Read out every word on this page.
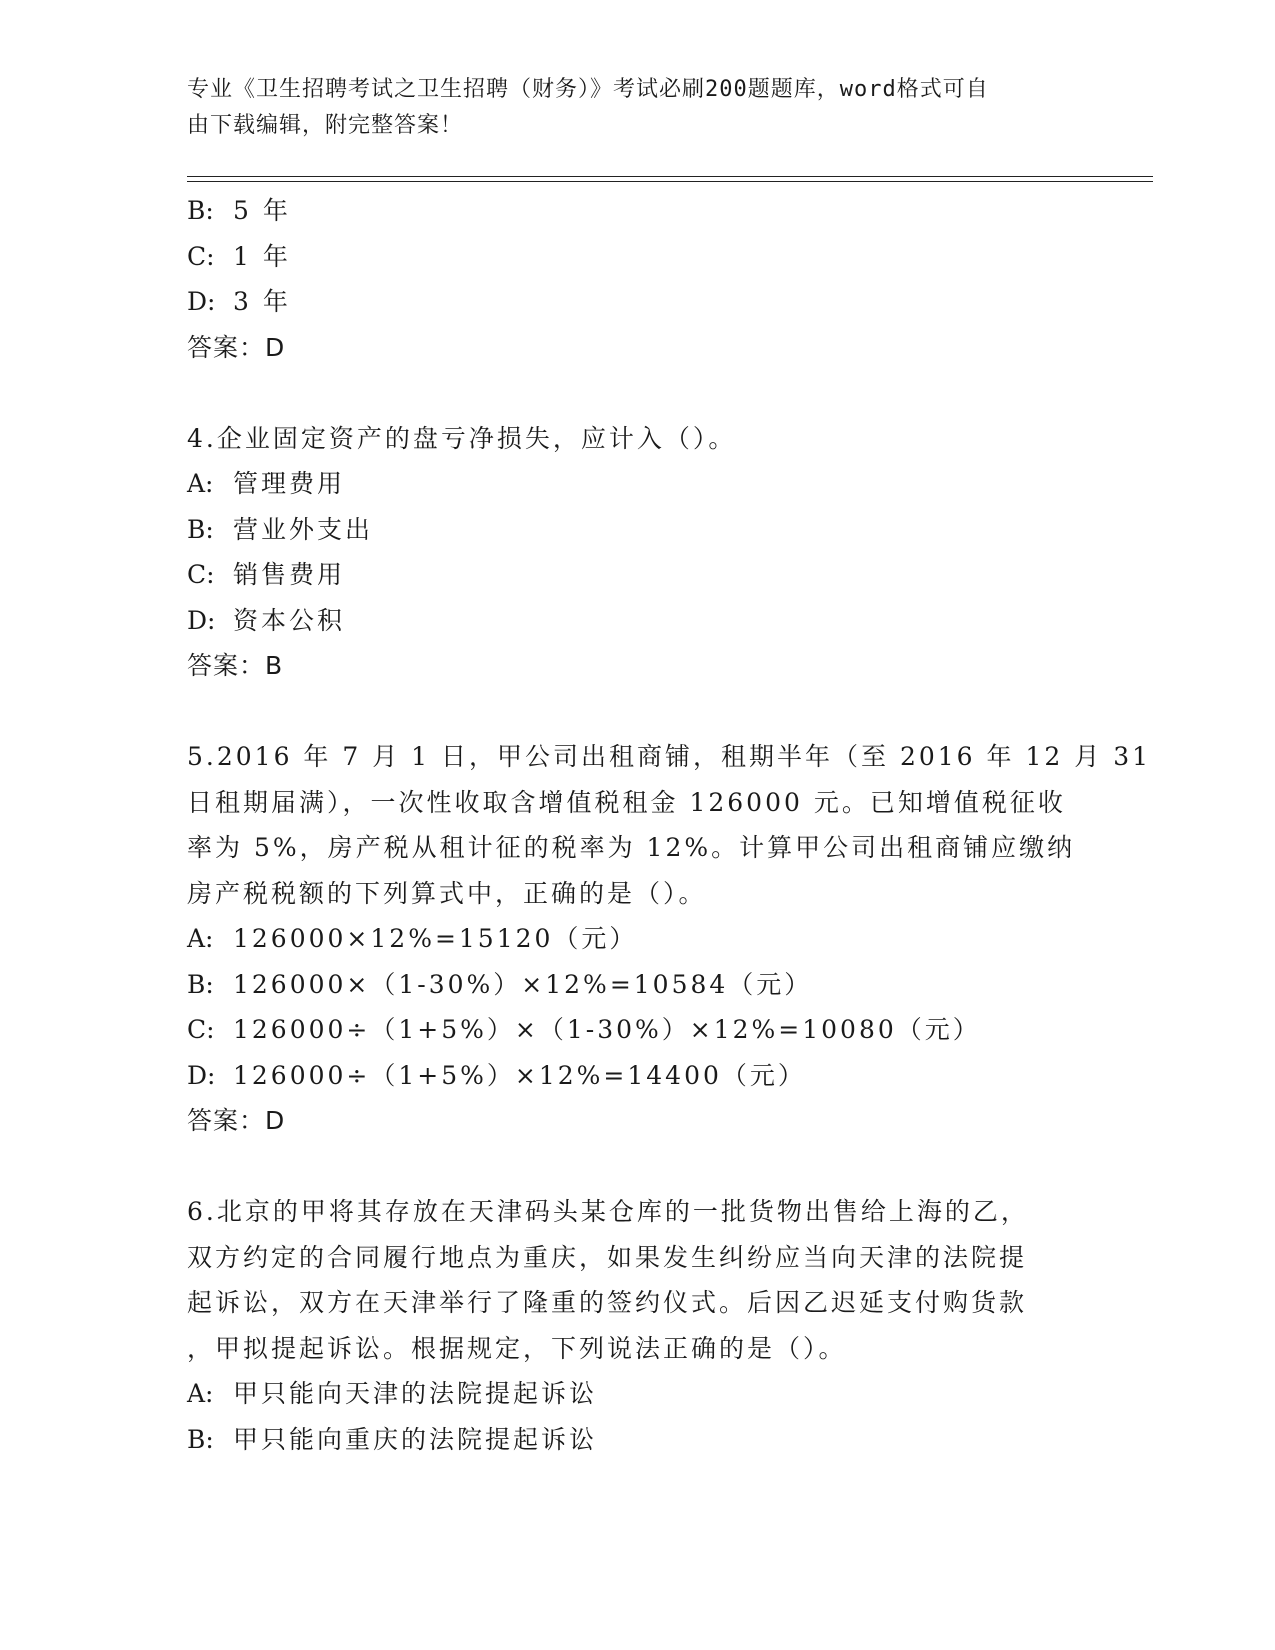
专业《卫生招聘考试之卫生招聘（财务）》考试必刷200题题库，word格式可自
由下载编辑，附完整答案！
B: 5 年
C: 1 年
D: 3 年
答案：D
4.企业固定资产的盘亏净损失，应计入（）。
A: 管理费用
B: 营业外支出
C: 销售费用
D: 资本公积
答案：B
5.2016 年 7 月 1 日，甲公司出租商铺，租期半年（至 2016 年 12 月 31
日租期届满），一次性收取含增值税租金 126000 元。已知增值税征收
率为 5%，房产税从租计征的税率为 12%。计算甲公司出租商铺应缴纳
房产税税额的下列算式中，正确的是（）。
A: 126000×12%=15120（元）
B: 126000×（1-30%）×12%=10584（元）
C: 126000÷（1+5%）×（1-30%）×12%=10080（元）
D: 126000÷（1+5%）×12%=14400（元）
答案：D
6.北京的甲将其存放在天津码头某仓库的一批货物出售给上海的乙，
双方约定的合同履行地点为重庆，如果发生纠纷应当向天津的法院提
起诉讼，双方在天津举行了隆重的签约仪式。后因乙迟延支付购货款
，甲拟提起诉讼。根据规定，下列说法正确的是（）。
A: 甲只能向天津的法院提起诉讼
B: 甲只能向重庆的法院提起诉讼
